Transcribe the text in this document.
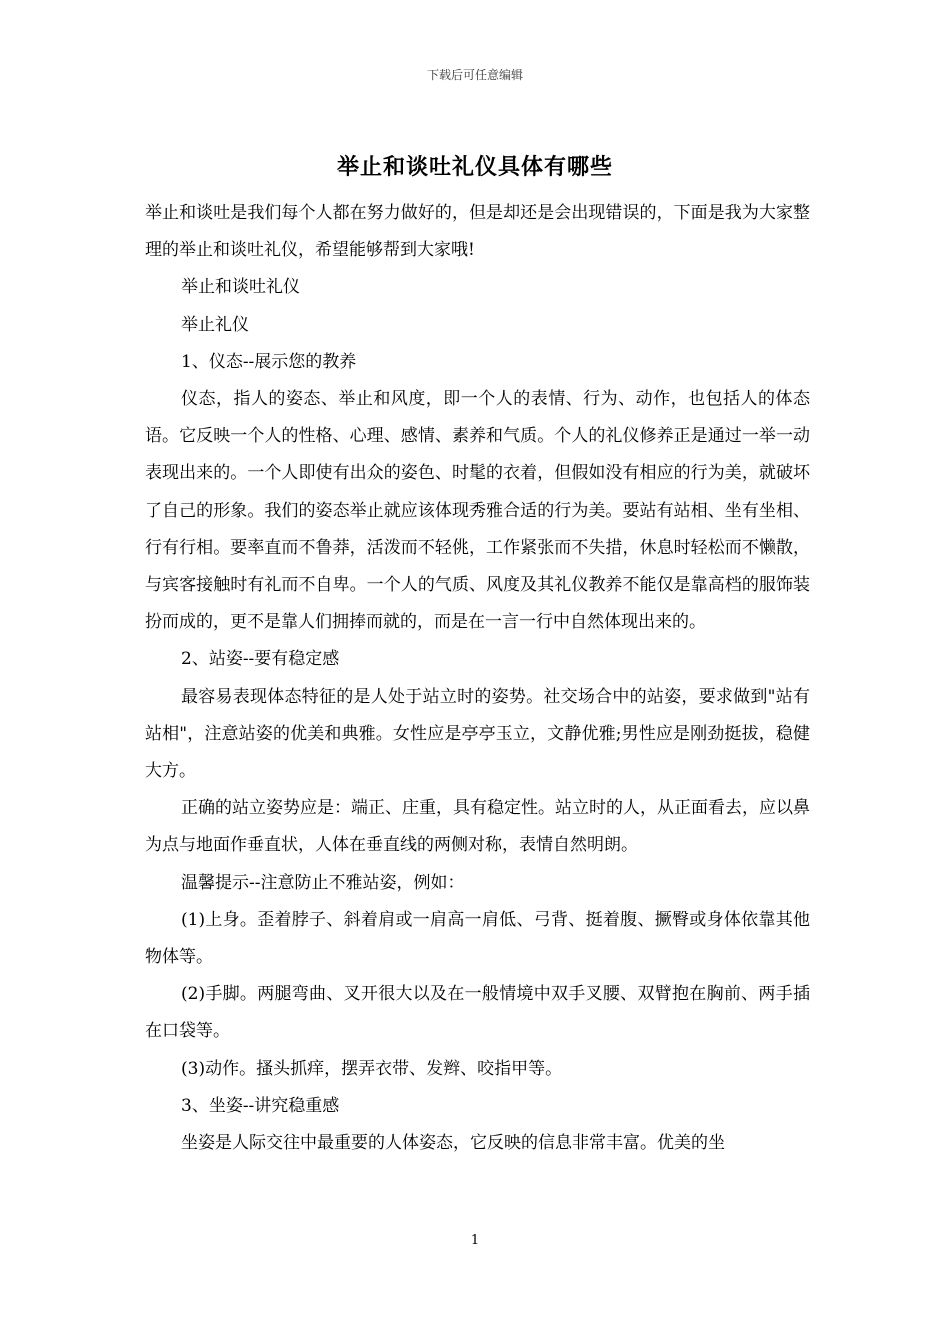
下载后可任意编辑
举止和谈吐礼仪具体有哪些

举止和谈吐是我们每个人都在努力做好的，但是却还是会出现错误的，下面是我为大家整理的举止和谈吐礼仪，希望能够帮到大家哦!

举止和谈吐礼仪

举止礼仪

1、仪态--展示您的教养

仪态，指人的姿态、举止和风度，即一个人的表情、行为、动作，也包括人的体态语。它反映一个人的性格、心理、感情、素养和气质。个人的礼仪修养正是通过一举一动表现出来的。一个人即使有出众的姿色、时髦的衣着，但假如没有相应的行为美，就破坏了自己的形象。我们的姿态举止就应该体现秀雅合适的行为美。要站有站相、坐有坐相、行有行相。要率直而不鲁莽，活泼而不轻佻，工作紧张而不失措，休息时轻松而不懒散，与宾客接触时有礼而不自卑。一个人的气质、风度及其礼仪教养不能仅是靠高档的服饰装扮而成的，更不是靠人们拥捧而就的，而是在一言一行中自然体现出来的。

2、站姿--要有稳定感

最容易表现体态特征的是人处于站立时的姿势。社交场合中的站姿，要求做到"站有站相"，注意站姿的优美和典雅。女性应是亭亭玉立，文静优雅;男性应是刚劲挺拔，稳健大方。

正确的站立姿势应是：端正、庄重，具有稳定性。站立时的人，从正面看去，应以鼻为点与地面作垂直状，人体在垂直线的两侧对称，表情自然明朗。

温馨提示--注意防止不雅站姿，例如：

(1)上身。歪着脖子、斜着肩或一肩高一肩低、弓背、挺着腹、撅臀或身体依靠其他物体等。

(2)手脚。两腿弯曲、叉开很大以及在一般情境中双手叉腰、双臂抱在胸前、两手插在口袋等。

(3)动作。搔头抓痒，摆弄衣带、发辫、咬指甲等。

3、坐姿--讲究稳重感

坐姿是人际交往中最重要的人体姿态，它反映的信息非常丰富。优美的坐

1
